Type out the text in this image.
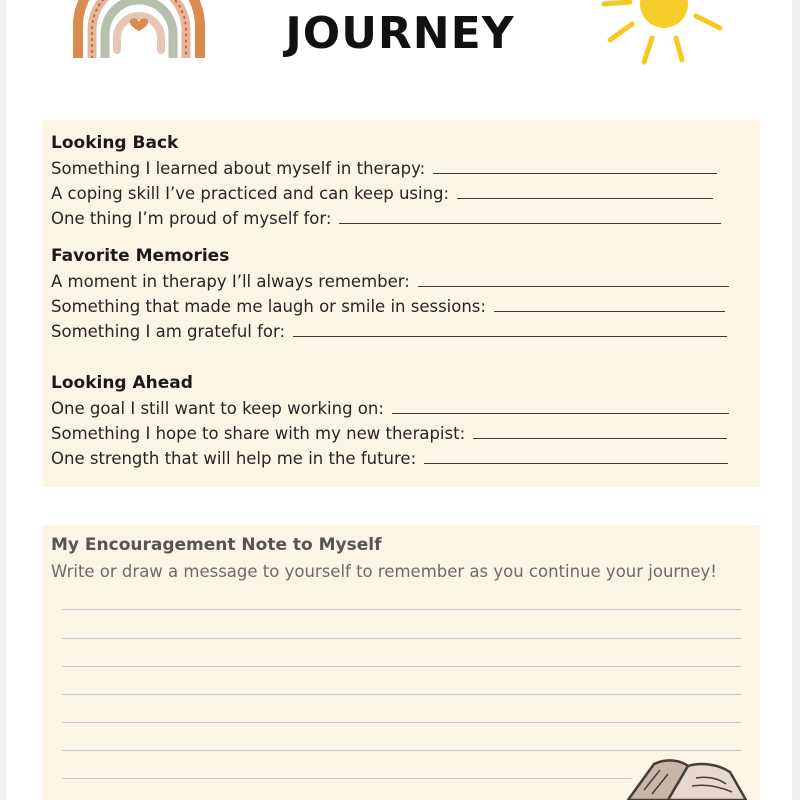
JOURNEY
Looking Back
Something I learned about myself in therapy:
A coping skill I’ve practiced and can keep using:
One thing I’m proud of myself for:
Favorite Memories
A moment in therapy I’ll always remember:
Something that made me laugh or smile in sessions:
Something I am grateful for:
Looking Ahead
One goal I still want to keep working on:
Something I hope to share with my new therapist:
One strength that will help me in the future:
My Encouragement Note to Myself
Write or draw a message to yourself to remember as you continue your journey!
